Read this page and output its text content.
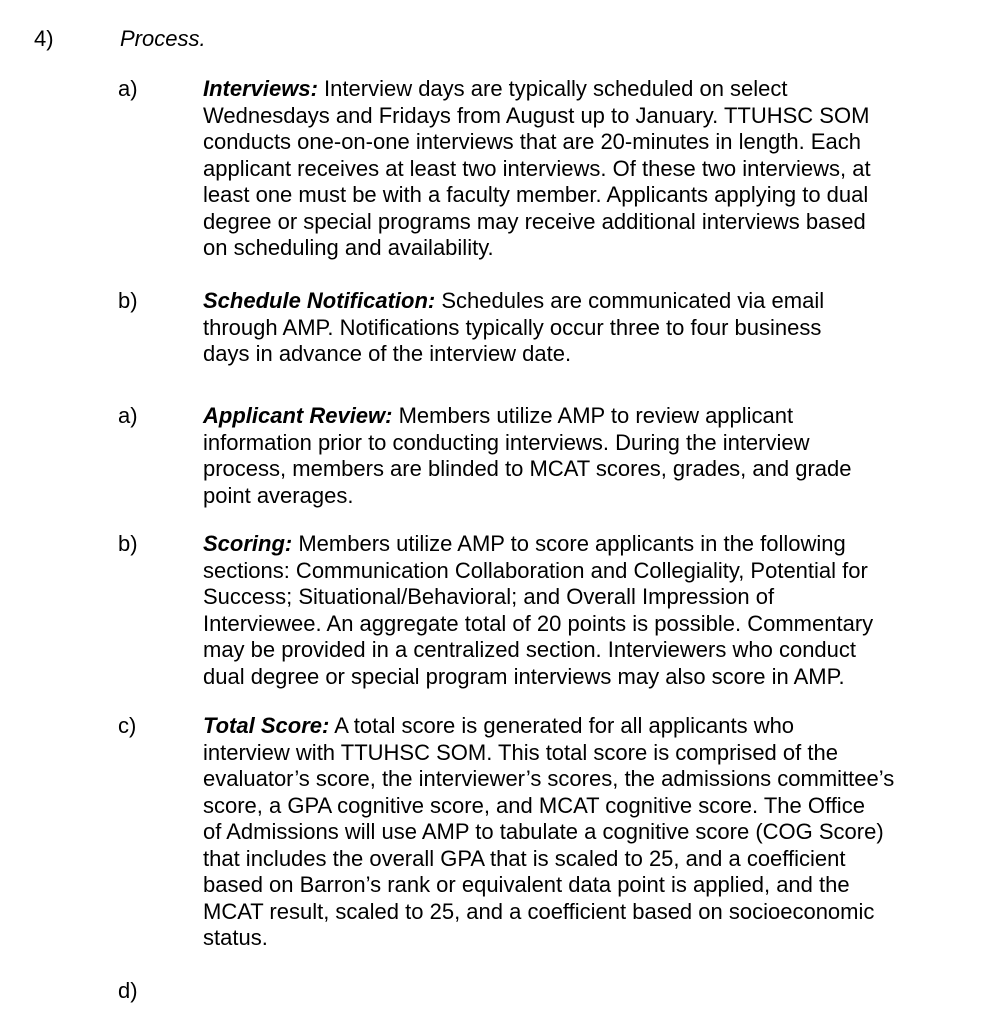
4)	Process.
a)	Interviews: Interview days are typically scheduled on select
Wednesdays and Fridays from August up to January. TTUHSC SOM
conducts one-on-one interviews that are 20-minutes in length. Each
applicant receives at least two interviews. Of these two interviews, at
least one must be with a faculty member. Applicants applying to dual
degree or special programs may receive additional interviews based
on scheduling and availability.
b)	Schedule Notification: Schedules are communicated via email
through AMP. Notifications typically occur three to four business
days in advance of the interview date.
a)	Applicant Review: Members utilize AMP to review applicant
information prior to conducting interviews. During the interview
process, members are blinded to MCAT scores, grades, and grade
point averages.
b)	Scoring: Members utilize AMP to score applicants in the following
sections: Communication Collaboration and Collegiality, Potential for
Success; Situational/Behavioral; and Overall Impression of
Interviewee. An aggregate total of 20 points is possible. Commentary
may be provided in a centralized section. Interviewers who conduct
dual degree or special program interviews may also score in AMP.
c)	Total Score: A total score is generated for all applicants who
interview with TTUHSC SOM. This total score is comprised of the
evaluator’s score, the interviewer’s scores, the admissions committee’s
score, a GPA cognitive score, and MCAT cognitive score. The Office
of Admissions will use AMP to tabulate a cognitive score (COG Score)
that includes the overall GPA that is scaled to 25, and a coefficient
based on Barron’s rank or equivalent data point is applied, and the
MCAT result, scaled to 25, and a coefficient based on socioeconomic
status.
d)
